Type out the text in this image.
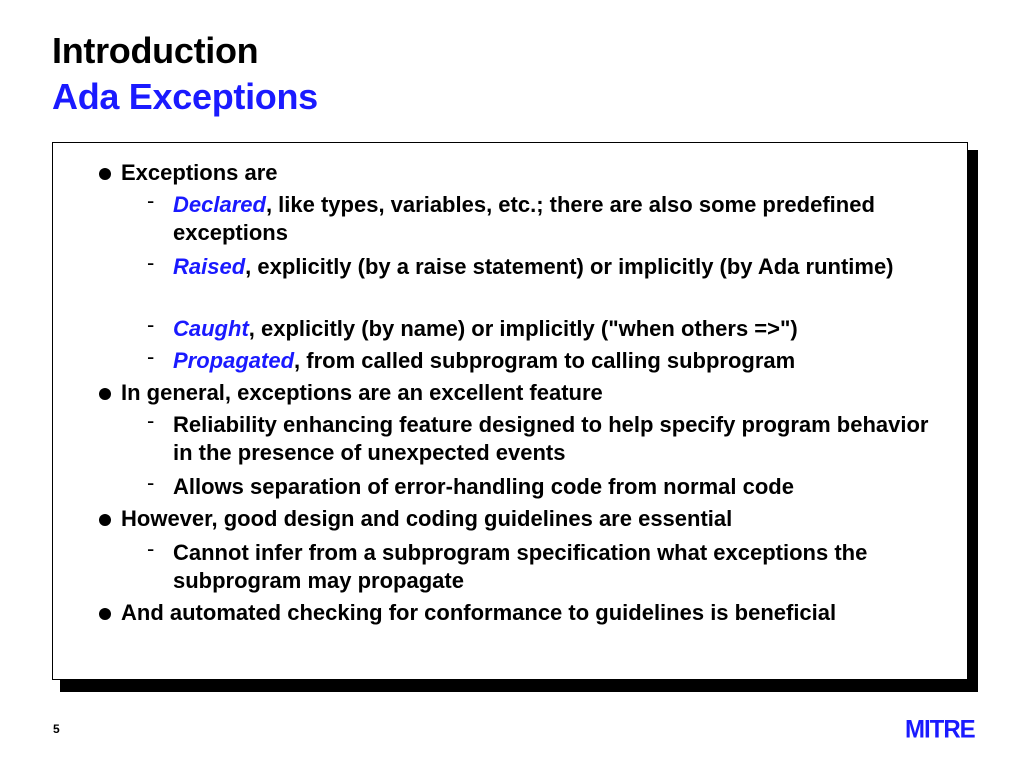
Introduction
Ada Exceptions
Exceptions are
- Declared, like types, variables, etc.; there are also some predefined exceptions
- Raised, explicitly (by a raise statement) or implicitly (by Ada runtime)
- Caught, explicitly (by name) or implicitly ("when others =>")
- Propagated, from called subprogram to calling subprogram
In general, exceptions are an excellent feature
- Reliability enhancing feature designed to help specify program behavior in the presence of unexpected events
- Allows separation of error-handling code from normal code
However, good design and coding guidelines are essential
- Cannot infer from a subprogram specification what exceptions the subprogram may propagate
And automated checking for conformance to guidelines is beneficial
5	MITRE
